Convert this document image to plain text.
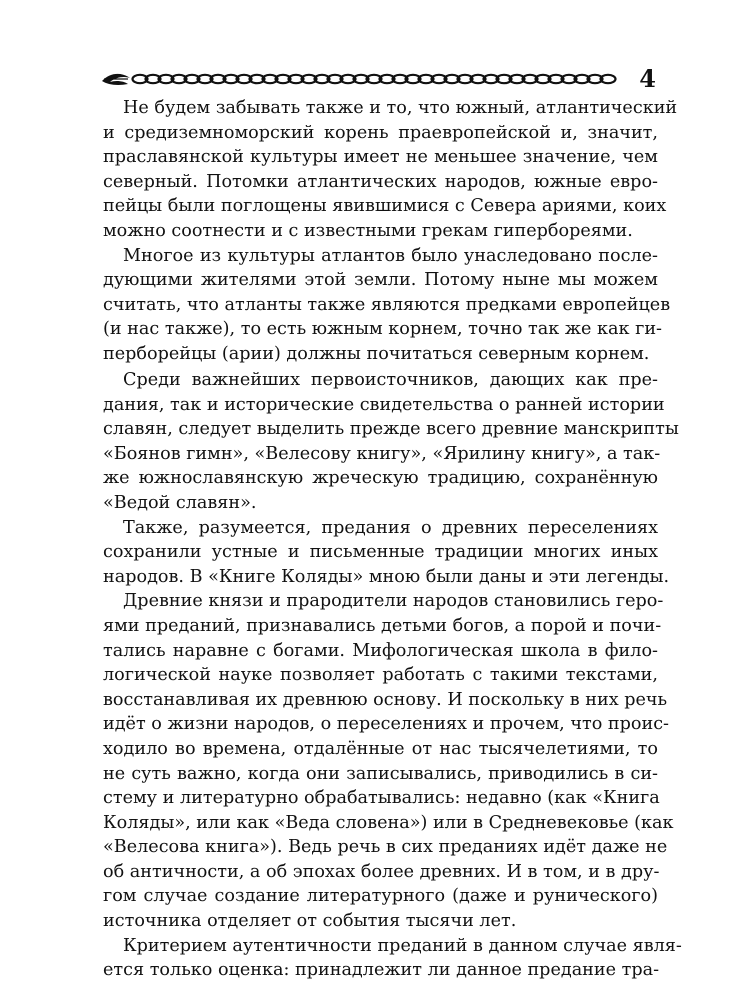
4
Не будем забывать также и то, что южный, атлантический
и средиземноморский корень праевропейской и, значит,
праславянской культуры имеет не меньшее значение, чем
северный. Потомки атлантических народов, южные евро-
пейцы были поглощены явившимися с Севера ариями, коих
можно соотнести и с известными грекам гипербореями.
Многое из культуры атлантов было унаследовано после-
дующими жителями этой земли. Потому ныне мы можем
считать, что атланты также являются предками европейцев
(и нас также), то есть южным корнем, точно так же как ги-
перборейцы (арии) должны почитаться северным корнем.
Среди важнейших первоисточников, дающих как пре-
дания, так и исторические свидетельства о ранней истории
славян, следует выделить прежде всего древние манскрипты
«Боянов гимн», «Велесову книгу», «Ярилину книгу», а так-
же южнославянскую жреческую традицию, сохранённую
«Ведой славян».
Также, разумеется, предания о древних переселениях
сохранили устные и письменные традиции многих иных
народов. В «Книге Коляды» мною были даны и эти легенды.
Древние князи и прародители народов становились геро-
ями преданий, признавались детьми богов, а порой и почи-
тались наравне с богами. Мифологическая школа в фило-
логической науке позволяет работать с такими текстами,
восстанавливая их древнюю основу. И поскольку в них речь
идёт о жизни народов, о переселениях и прочем, что проис-
ходило во времена, отдалённые от нас тысячелетиями, то
не суть важно, когда они записывались, приводились в си-
стему и литературно обрабатывались: недавно (как «Книга
Коляды», или как «Веда словена») или в Средневековье (как
«Велесова книга»). Ведь речь в сих преданиях идёт даже не
об античности, а об эпохах более древних. И в том, и в дру-
гом случае создание литературного (даже и рунического)
источника отделяет от события тысячи лет.
Критерием аутентичности преданий в данном случае явля-
ется только оценка: принадлежит ли данное предание тра-
